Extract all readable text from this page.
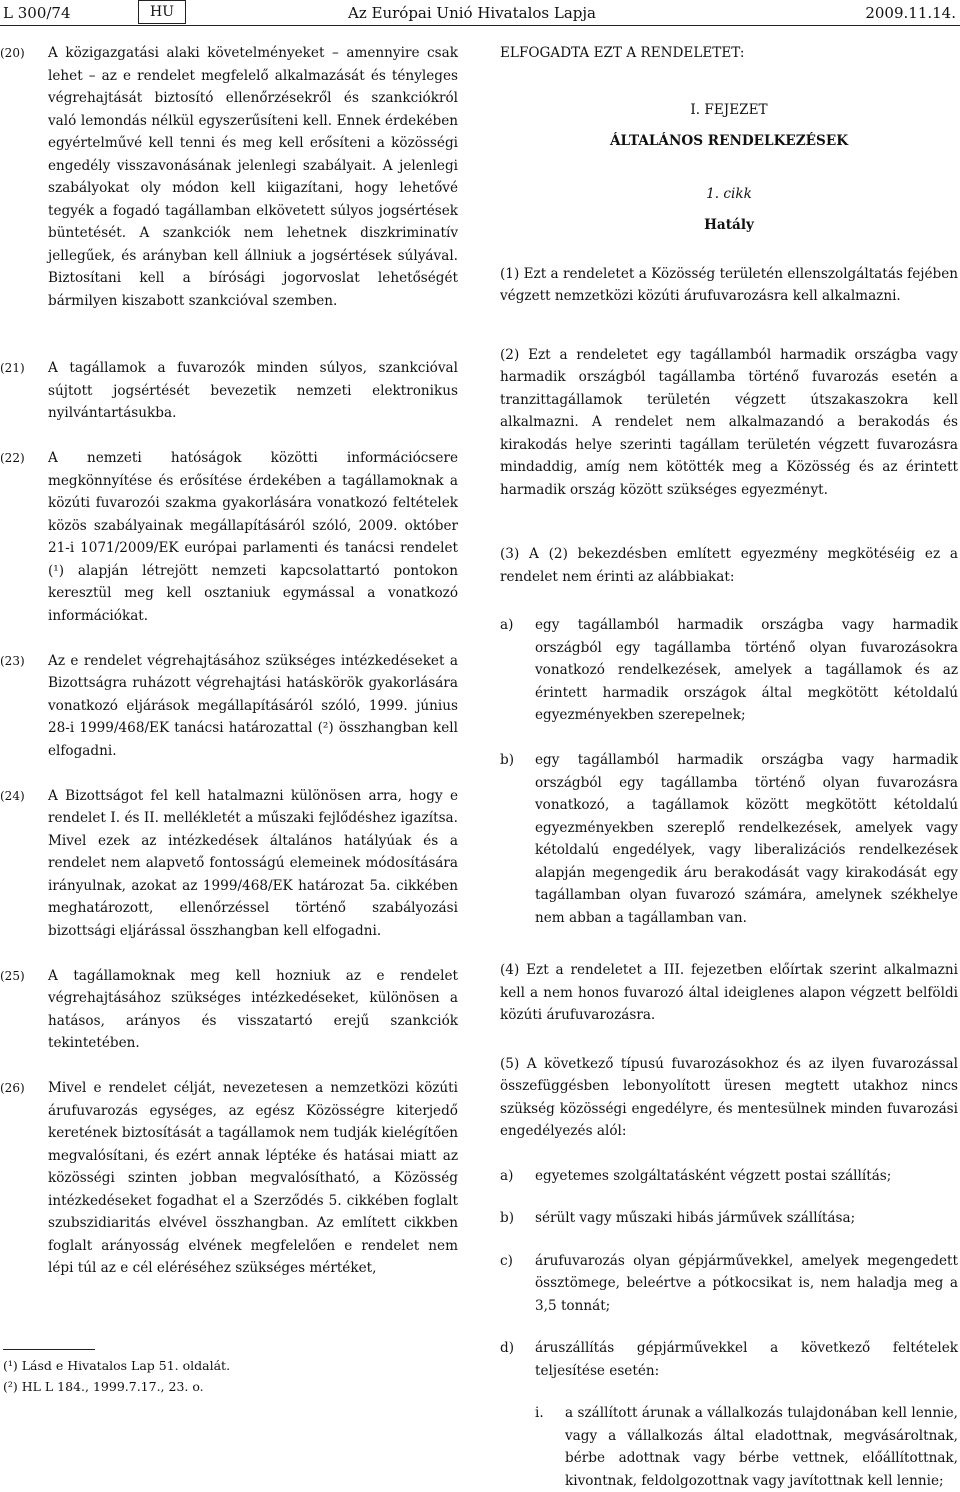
L 300/74	HU	Az Európai Unió Hivatalos Lapja	2009.11.14.
(20)	A közigazgatási alaki követelményeket – amennyire csak lehet – az e rendelet megfelelő alkalmazását és tényleges végrehajtását biztosító ellenőrzésekről és szankciókról való lemondás nélkül egyszerűsíteni kell. Ennek érdekében egyértelművé kell tenni és meg kell erősíteni a közösségi engedély visszavonásának jelenlegi szabályait. A jelenlegi szabályokat oly módon kell kiigazítani, hogy lehetővé tegyék a fogadó tagállamban elkövetett súlyos jogsértések büntetését. A szankciók nem lehetnek diszkriminatív jellegűek, és arányban kell állniuk a jogsértések súlyával. Biztosítani kell a bírósági jogorvoslat lehetőségét bármilyen kiszabott szankcióval szemben.
(21)	A tagállamok a fuvarozók minden súlyos, szankcióval sújtott jogsértését bevezetik nemzeti elektronikus nyilvántartásukba.
(22)	A nemzeti hatóságok közötti információcsere megkönnyítése és erősítése érdekében a tagállamoknak a közúti fuvarozói szakma gyakorlására vonatkozó feltételek közös szabályainak megállapításáról szóló, 2009. október 21-i 1071/2009/EK európai parlamenti és tanácsi rendelet (¹) alapján létrejött nemzeti kapcsolattartó pontokon keresztül meg kell osztaniuk egymással a vonatkozó információkat.
(23)	Az e rendelet végrehajtásához szükséges intézkedéseket a Bizottságra ruházott végrehajtási hatáskörök gyakorlására vonatkozó eljárások megállapításáról szóló, 1999. június 28-i 1999/468/EK tanácsi határozattal (²) összhangban kell elfogadni.
(24)	A Bizottságot fel kell hatalmazni különösen arra, hogy e rendelet I. és II. mellékletét a műszaki fejlődéshez igazítsa. Mivel ezek az intézkedések általános hatályúak és a rendelet nem alapvető fontosságú elemeinek módosítására irányulnak, azokat az 1999/468/EK határozat 5a. cikkében meghatározott, ellenőrzéssel történő szabályozási bizottsági eljárással összhangban kell elfogadni.
(25)	A tagállamoknak meg kell hozniuk az e rendelet végrehajtásához szükséges intézkedéseket, különösen a hatásos, arányos és visszatartó erejű szankciók tekintetében.
(26)	Mivel e rendelet célját, nevezetesen a nemzetközi közúti árufuvarozás egységes, az egész Közösségre kiterjedő keretének biztosítását a tagállamok nem tudják kielégítően megvalósítani, és ezért annak léptéke és hatásai miatt az közösségi szinten jobban megvalósítható, a Közösség intézkedéseket fogadhat el a Szerződés 5. cikkében foglalt szubszidiaritás elvével összhangban. Az említett cikkben foglalt arányosság elvének megfelelően e rendelet nem lépi túl az e cél eléréséhez szükséges mértéket,
(¹) Lásd e Hivatalos Lap 51. oldalát.
(²) HL L 184., 1999.7.17., 23. o.
ELFOGADTA EZT A RENDELETET:
I. FEJEZET
ÁLTALÁNOS RENDELKEZÉSEK
1. cikk
Hatály
(1) Ezt a rendeletet a Közösség területén ellenszolgáltatás fejében végzett nemzetközi közúti árufuvarozásra kell alkalmazni.
(2) Ezt a rendeletet egy tagállamból harmadik országba vagy harmadik országból tagállamba történő fuvarozás esetén a tranzittagállamok területén végzett útszakaszokra kell alkalmazni. A rendelet nem alkalmazandó a berakodás és kirakodás helye szerinti tagállam területén végzett fuvarozásra mindaddig, amíg nem kötötték meg a Közösség és az érintett harmadik ország között szükséges egyezményt.
(3) A (2) bekezdésben említett egyezmény megkötéséig ez a rendelet nem érinti az alábbiakat:
a)	egy tagállamból harmadik országba vagy harmadik országból egy tagállamba történő olyan fuvarozásokra vonatkozó rendelkezések, amelyek a tagállamok és az érintett harmadik országok által megkötött kétoldalú egyezményekben szerepelnek;
b)	egy tagállamból harmadik országba vagy harmadik országból egy tagállamba történő olyan fuvarozásra vonatkozó, a tagállamok között megkötött kétoldalú egyezményekben szereplő rendelkezések, amelyek vagy kétoldalú engedélyek, vagy liberalizációs rendelkezések alapján megengedik áru berakodását vagy kirakodását egy tagállamban olyan fuvarozó számára, amelynek székhelye nem abban a tagállamban van.
(4) Ezt a rendeletet a III. fejezetben előírtak szerint alkalmazni kell a nem honos fuvarozó által ideiglenes alapon végzett belföldi közúti árufuvarozásra.
(5) A következő típusú fuvarozásokhoz és az ilyen fuvarozással összefüggésben lebonyolított üresen megtett utakhoz nincs szükség közösségi engedélyre, és mentesülnek minden fuvarozási engedélyezés alól:
a)	egyetemes szolgáltatásként végzett postai szállítás;
b)	sérült vagy műszaki hibás járművek szállítása;
c)	árufuvarozás olyan gépjárművekkel, amelyek megengedett össztömege, beleértve a pótkocsikat is, nem haladja meg a 3,5 tonnát;
d)	áruszállítás gépjárművekkel a következő feltételek teljesítése esetén:
i.	a szállított árunak a vállalkozás tulajdonában kell lennie, vagy a vállalkozás által eladottnak, megvásároltnak, bérbe adottnak vagy bérbe vettnek, előállítottnak, kivontnak, feldolgozottnak vagy javítottnak kell lennie;
